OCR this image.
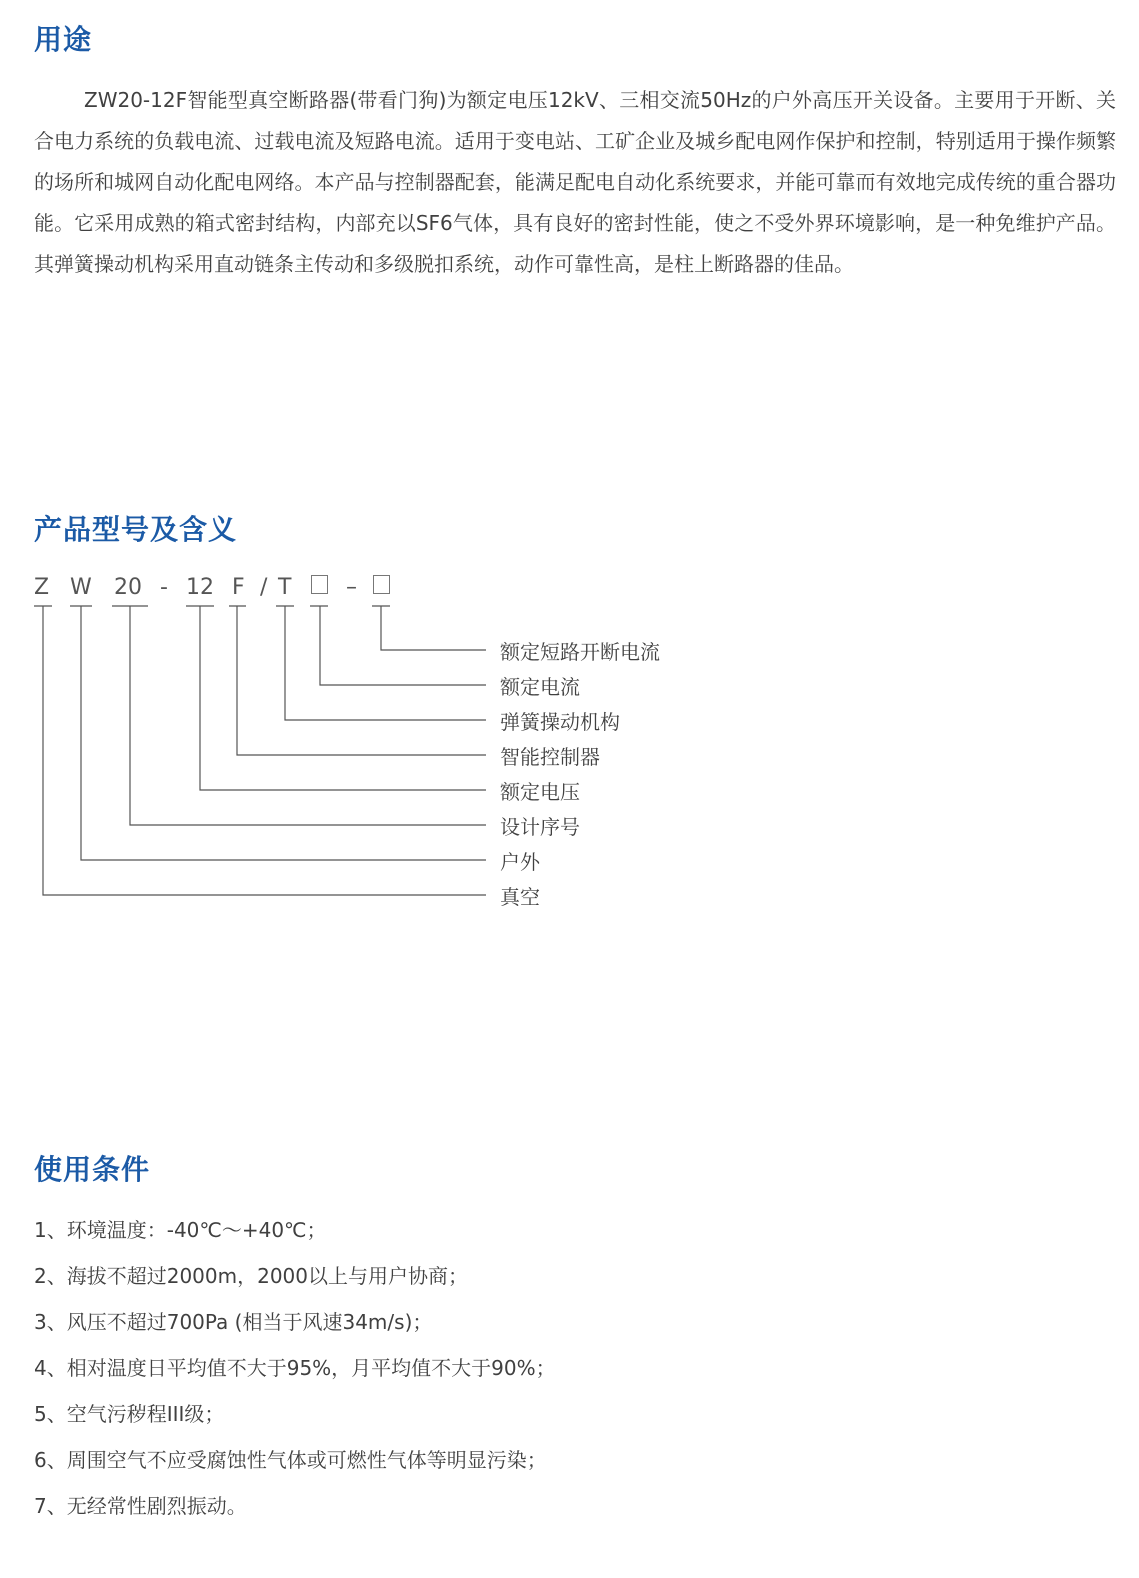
用途

ZW20-12F智能型真空断路器(带看门狗)为额定电压12kV、三相交流50Hz的户外高压开关设备。主要用于开断、关合电力系统的负载电流、过载电流及短路电流。适用于变电站、工矿企业及城乡配电网作保护和控制，特别适用于操作频繁的场所和城网自动化配电网络。本产品与控制器配套，能满足配电自动化系统要求，并能可靠而有效地完成传统的重合器功能。它采用成熟的箱式密封结构，内部充以SF6气体，具有良好的密封性能，使之不受外界环境影响，是一种免维护产品。其弹簧操动机构采用直动链条主传动和多级脱扣系统，动作可靠性高，是柱上断路器的佳品。

产品型号及含义
Z W 20 - 12 F / T –
额定短路开断电流
额定电流
弹簧操动机构
智能控制器
额定电压
设计序号
户外
真空
使用条件

1、环境温度：-40℃～+40℃；

2、海拔不超过2000m，2000以上与用户协商；

3、风压不超过700Pa (相当于风速34m/s)；

4、相对温度日平均值不大于95%，月平均值不大于90%；

5、空气污秽程III级；

6、周围空气不应受腐蚀性气体或可燃性气体等明显污染；

7、无经常性剧烈振动。
